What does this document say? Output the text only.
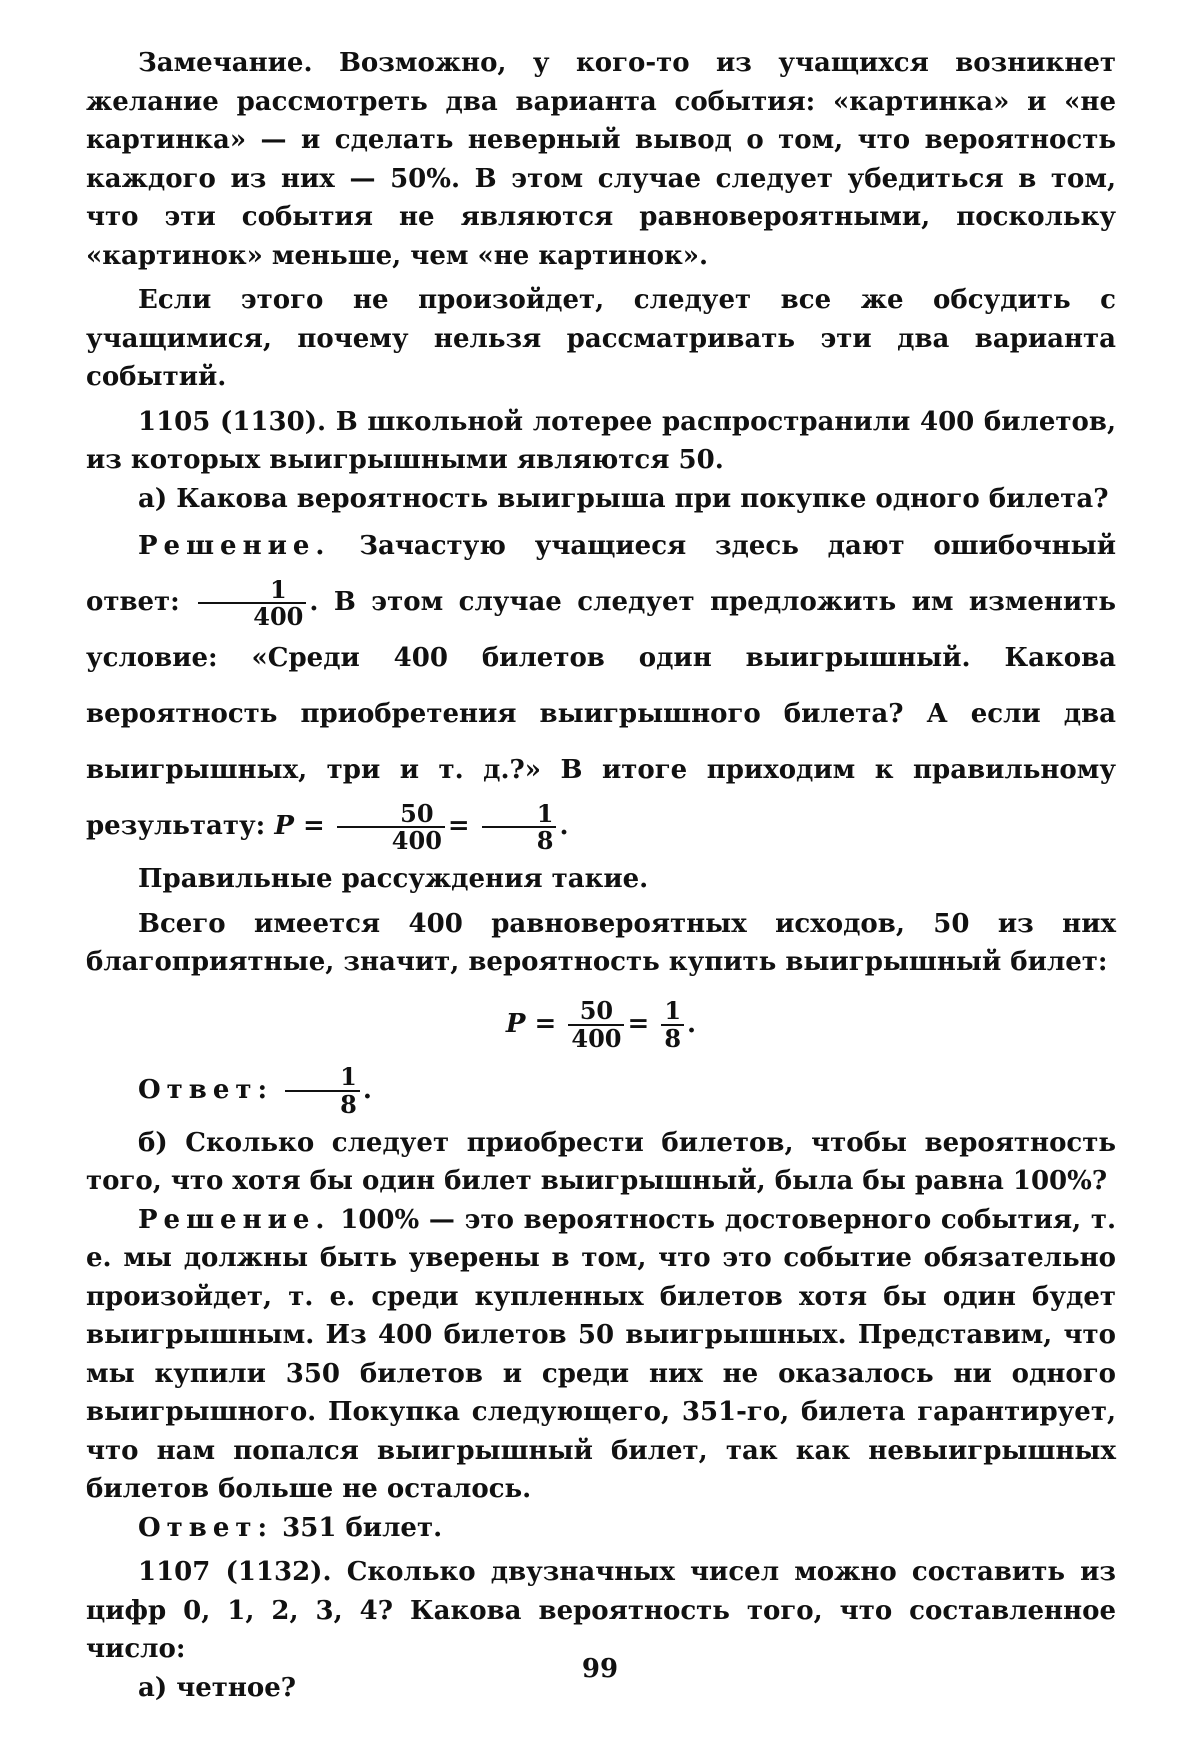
Замечание. Возможно, у кого-то из учащихся возникнет желание рассмотреть два варианта события: «картинка» и «не картинка» — и сделать неверный вывод о том, что вероятность каждого из них — 50%. В этом случае следует убедиться в том, что эти события не являются равновероятными, поскольку «картинок» меньше, чем «не картинок».

Если этого не произойдет, следует все же обсудить с учащимися, почему нельзя рассматривать эти два варианта событий.

1105 (1130). В школьной лотерее распространили 400 билетов, из которых выигрышными являются 50.

а) Какова вероятность выигрыша при покупке одного билета?

Решение. Зачастую учащиеся здесь дают ошибочный ответ: $\frac{1}{400}$ . В этом случае следует предложить им изменить условие: «Среди 400 билетов один выигрышный. Какова вероятность приобретения выигрышного билета? А если два выигрышных, три и т. д.?» В итоге приходим к правильному результату: $P = \frac{50}{400} = \frac{1}{8}$ .

Правильные рассуждения такие.

Всего имеется 400 равновероятных исходов, 50 из них благоприятные, значит, вероятность купить выигрышный билет:

$P = \frac{50}{400} = \frac{1}{8}$ .

Ответ: $\frac{1}{8}$ .

б) Сколько следует приобрести билетов, чтобы вероятность того, что хотя бы один билет выигрышный, была бы равна 100%?

Решение. 100% — это вероятность достоверного события, т. е. мы должны быть уверены в том, что это событие обязательно произойдет, т. е. среди купленных билетов хотя бы один будет выигрышным. Из 400 билетов 50 выигрышных. Представим, что мы купили 350 билетов и среди них не оказалось ни одного выигрышного. Покупка следующего, 351-го, билета гарантирует, что нам попался выигрышный билет, так как невыигрышных билетов больше не осталось.

Ответ: 351 билет.

1107 (1132). Сколько двузначных чисел можно составить из цифр 0, 1, 2, 3, 4? Какова вероятность того, что составленное число:

а) четное?

99
